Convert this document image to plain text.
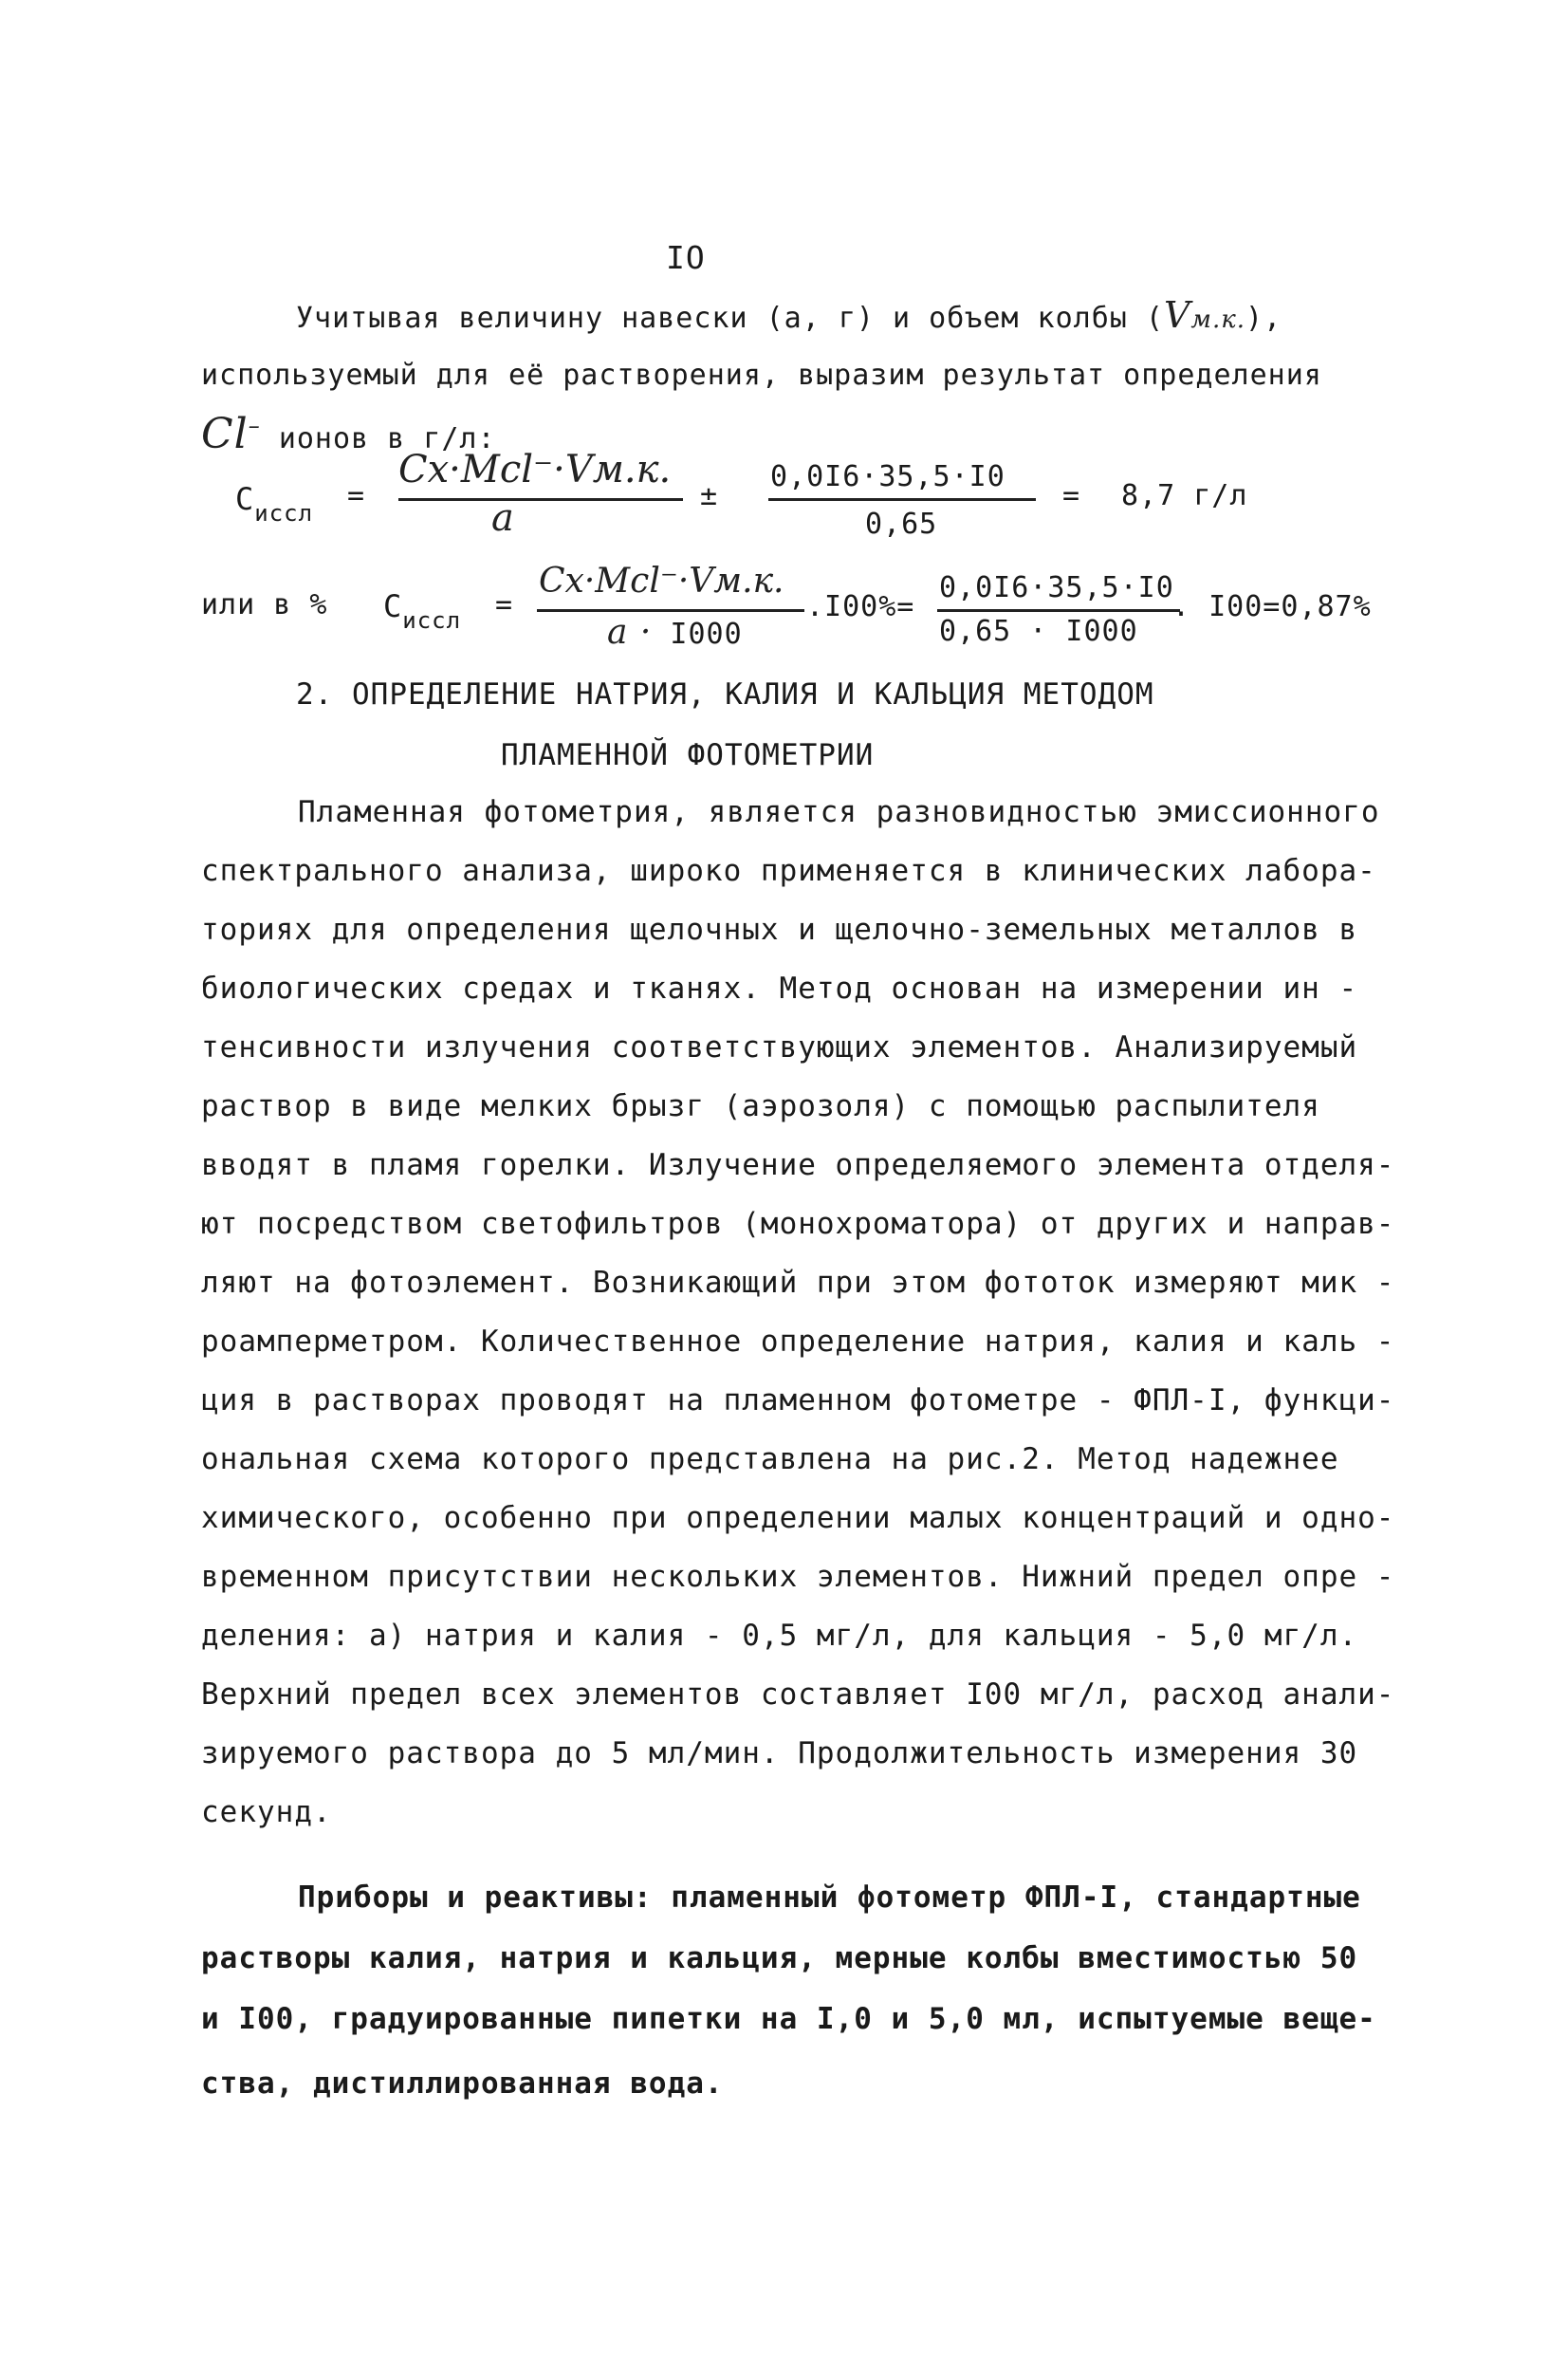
IO
Учитывая величину навески (а, г) и объем колбы (Vм.к.),
используемый для её растворения, выразим результат определения
Cl– ионов в г/л:
$С_{иссл}$
=
Cx·Mcl⁻·Vм.к.
a
±
0,0I6·35,5·I0
0,65
= 8,7 г/л
или в % $С_{иссл}$ =
Cx·Mcl⁻·Vм.к.
a · I000
.I00%=
0,0I6·35,5·I0
0,65 · I000
. I00=0,87%
2. ОПРЕДЕЛЕНИЕ НАТРИЯ, КАЛИЯ И КАЛЬЦИЯ МЕТОДОМ
ПЛАМЕННОЙ ФОТОМЕТРИИ
Пламенная фотометрия, является разновидностью эмиссионного
спектрального анализа, широко применяется в клинических лабора-
ториях для определения щелочных и щелочно-земельных металлов в
биологических средах и тканях. Метод основан на измерении ин -
тенсивности излучения соответствующих элементов. Анализируемый
раствор в виде мелких брызг (аэрозоля) с помощью распылителя
вводят в пламя горелки. Излучение определяемого элемента отделя-
ют посредством светофильтров (монохроматора) от других и направ-
ляют на фотоэлемент. Возникающий при этом фототок измеряют мик -
роамперметром. Количественное определение натрия, калия и каль -
ция в растворах проводят на пламенном фотометре - ФПЛ-I, функци-
ональная схема которого представлена на рис.2. Метод надежнее
химического, особенно при определении малых концентраций и одно-
временном присутствии нескольких элементов. Нижний предел опре -
деления: а) натрия и калия - 0,5 мг/л, для кальция - 5,0 мг/л.
Верхний предел всех элементов составляет I00 мг/л, расход анали-
зируемого раствора до 5 мл/мин. Продолжительность измерения 30
секунд.
Приборы и реактивы: пламенный фотометр ФПЛ-I, стандартные
растворы калия, натрия и кальция, мерные колбы вместимостью 50
и I00, градуированные пипетки на I,0 и 5,0 мл, испытуемые веще-
ства, дистиллированная вода.
